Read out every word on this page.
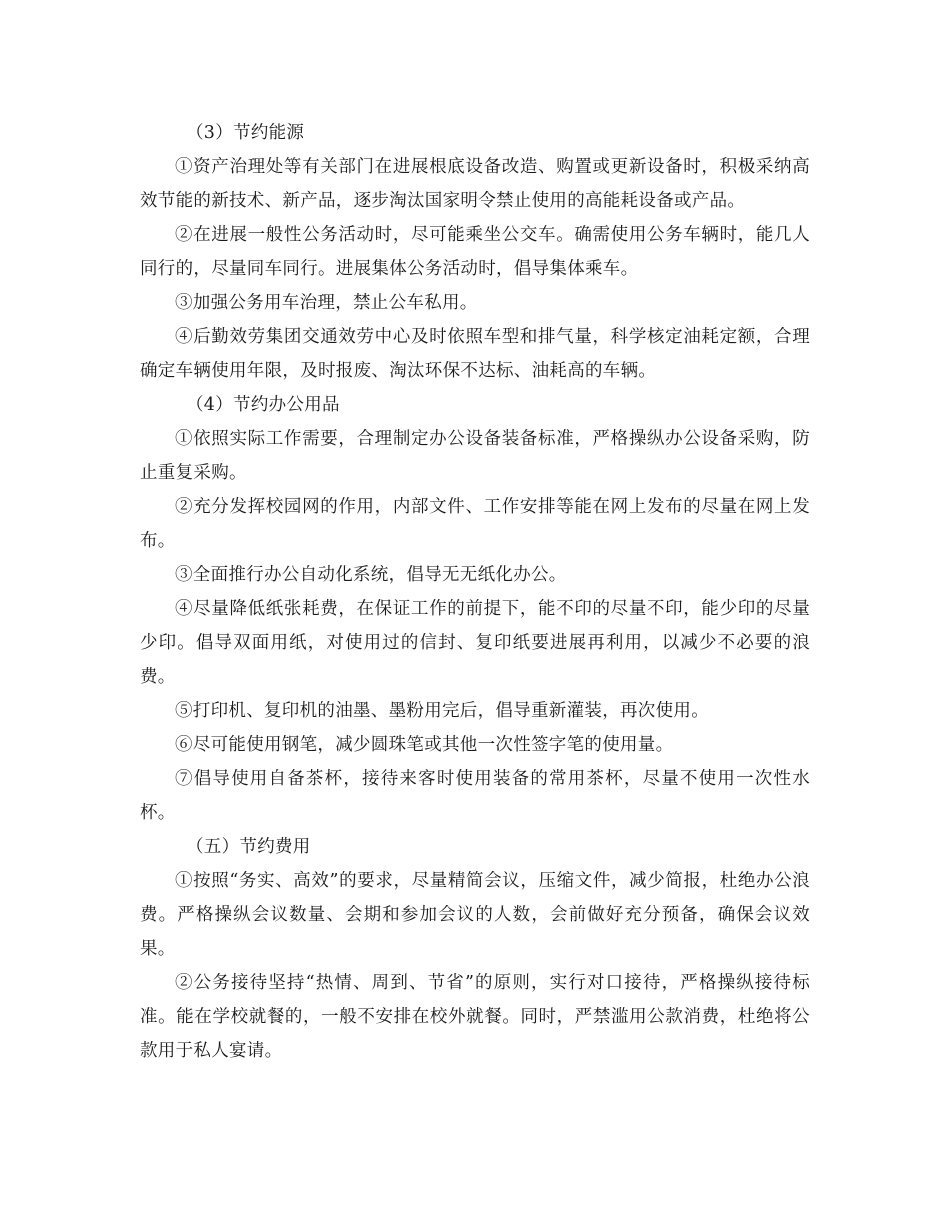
（3）节约能源

①资产治理处等有关部门在进展根底设备改造、购置或更新设备时，积极采纳高效节能的新技术、新产品，逐步淘汰国家明令禁止使用的高能耗设备或产品。

②在进展一般性公务活动时，尽可能乘坐公交车。确需使用公务车辆时，能几人同行的，尽量同车同行。进展集体公务活动时，倡导集体乘车。

③加强公务用车治理，禁止公车私用。

④后勤效劳集团交通效劳中心及时依照车型和排气量，科学核定油耗定额，合理确定车辆使用年限，及时报废、淘汰环保不达标、油耗高的车辆。

（4）节约办公用品

①依照实际工作需要，合理制定办公设备装备标准，严格操纵办公设备采购，防止重复采购。

②充分发挥校园网的作用，内部文件、工作安排等能在网上发布的尽量在网上发布。

③全面推行办公自动化系统，倡导无无纸化办公。

④尽量降低纸张耗费，在保证工作的前提下，能不印的尽量不印，能少印的尽量少印。倡导双面用纸，对使用过的信封、复印纸要进展再利用，以减少不必要的浪费。

⑤打印机、复印机的油墨、墨粉用完后，倡导重新灌装，再次使用。

⑥尽可能使用钢笔，减少圆珠笔或其他一次性签字笔的使用量。

⑦倡导使用自备茶杯，接待来客时使用装备的常用茶杯，尽量不使用一次性水杯。

（五）节约费用

①按照“务实、高效”的要求，尽量精简会议，压缩文件，减少简报，杜绝办公浪费。严格操纵会议数量、会期和参加会议的人数，会前做好充分预备，确保会议效果。

②公务接待坚持“热情、周到、节省”的原则，实行对口接待，严格操纵接待标准。能在学校就餐的，一般不安排在校外就餐。同时，严禁滥用公款消费，杜绝将公款用于私人宴请。
